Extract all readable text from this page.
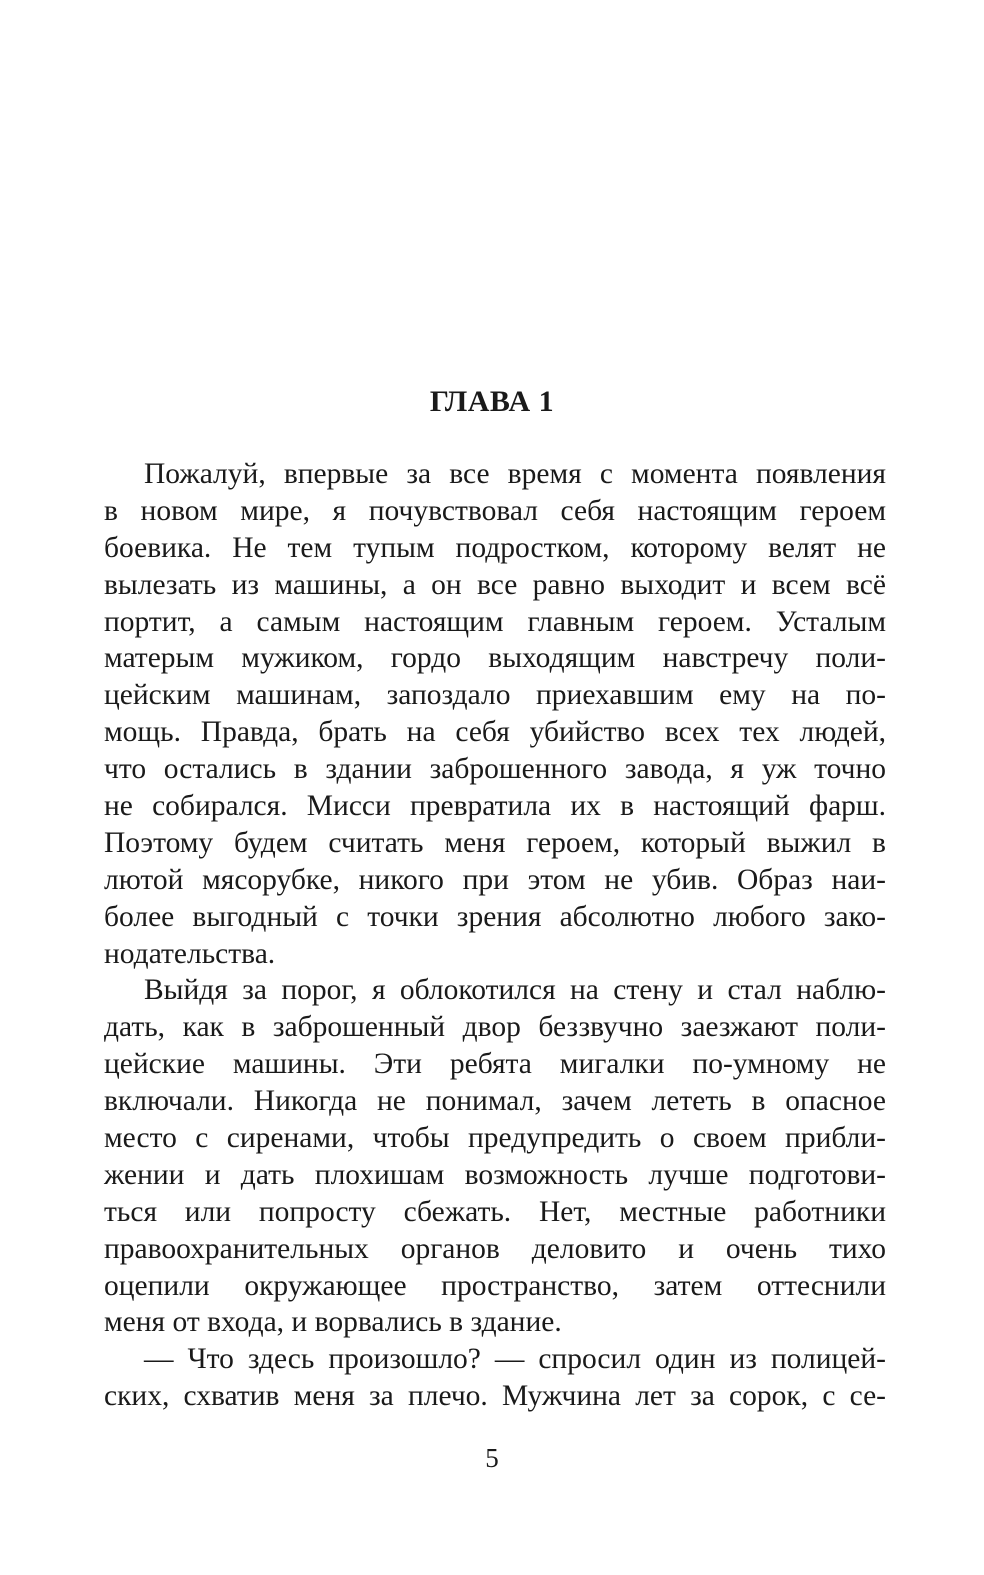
ГЛАВА 1
Пожалуй, впервые за все время с момента появления
в новом мире, я почувствовал себя настоящим героем
боевика. Не тем тупым подростком, которому велят не
вылезать из машины, а он все равно выходит и всем всё
портит, а самым настоящим главным героем. Усталым
матерым мужиком, гордо выходящим навстречу поли-
цейским машинам, запоздало приехавшим ему на по-
мощь. Правда, брать на себя убийство всех тех людей,
что остались в здании заброшенного завода, я уж точно
не собирался. Мисси превратила их в настоящий фарш.
Поэтому будем считать меня героем, который выжил в
лютой мясорубке, никого при этом не убив. Образ наи-
более выгодный с точки зрения абсолютно любого зако-
нодательства.
Выйдя за порог, я облокотился на стену и стал наблю-
дать, как в заброшенный двор беззвучно заезжают поли-
цейские машины. Эти ребята мигалки по-умному не
включали. Никогда не понимал, зачем лететь в опасное
место с сиренами, чтобы предупредить о своем прибли-
жении и дать плохишам возможность лучше подготови-
ться или попросту сбежать. Нет, местные работники
правоохранительных органов деловито и очень тихо
оцепили окружающее пространство, затем оттеснили
меня от входа, и ворвались в здание.
— Что здесь произошло? — спросил один из полицей-
ских, схватив меня за плечо. Мужчина лет за сорок, с се-
5
